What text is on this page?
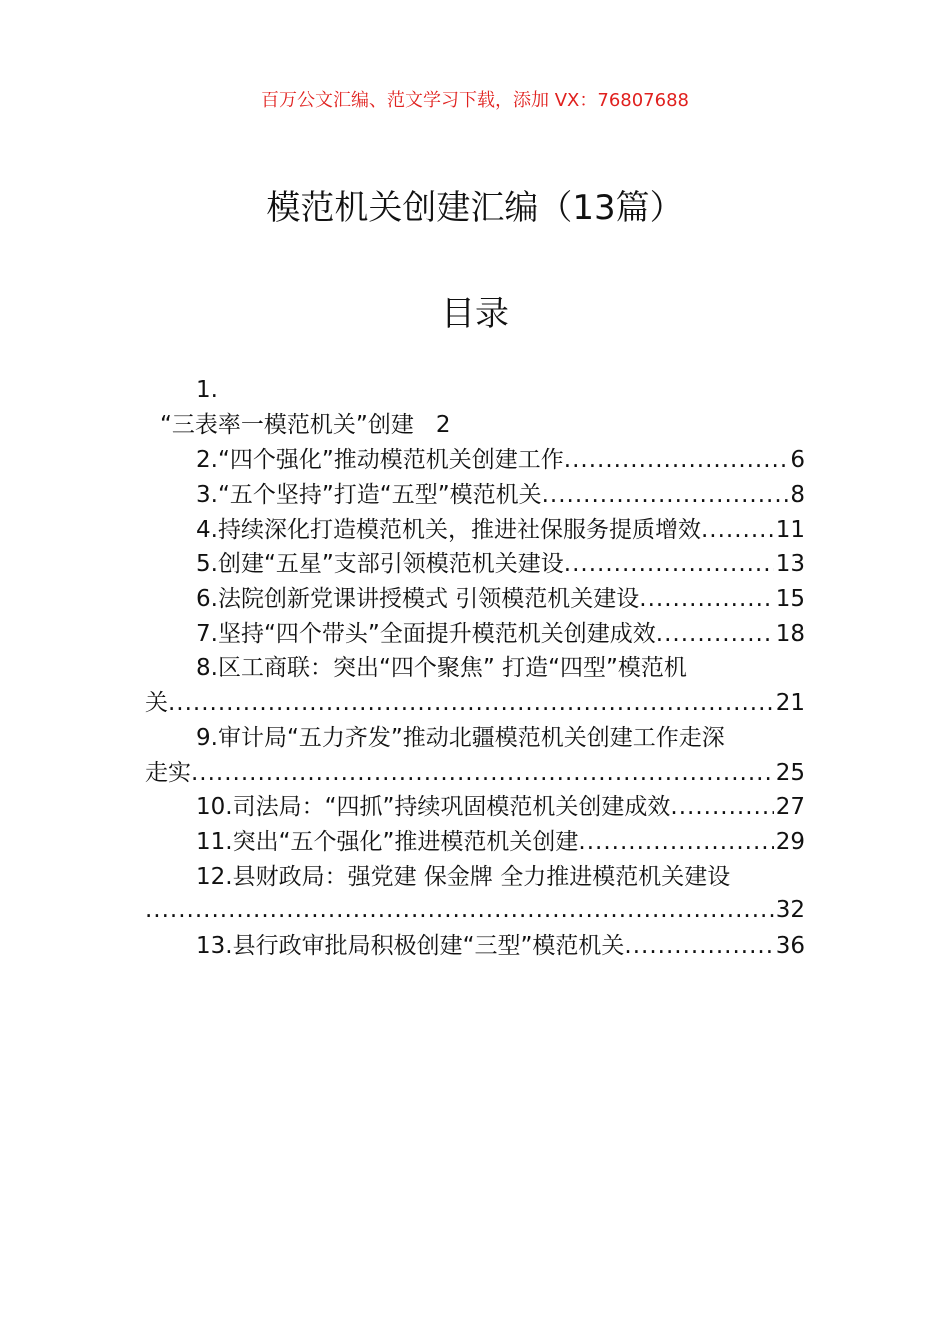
百万公文汇编、范文学习下载，添加 VX：76807688
模范机关创建汇编（13篇）
目录
1.
“三表率一模范机关”创建 2
2.“四个强化”推动模范机关创建工作 .....	6
3.“五个坚持”打造“五型”模范机关 .....	8
4.持续深化打造模范机关，推进社保服务提质增效 .....	11
5.创建“五星”支部引领模范机关建设 .....	13
6.法院创新党课讲授模式 引领模范机关建设 .....	15
7.坚持“四个带头”全面提升模范机关创建成效 .....	18
8.区工商联：突出“四个聚焦” 打造“四型”模范机
关 .....	21
9.审计局“五力齐发”推动北疆模范机关创建工作走深
走实 .....	25
10.司法局：“四抓”持续巩固模范机关创建成效 .....	27
11.突出“五个强化”推进模范机关创建 .....	29
12.县财政局：强党建 保金牌 全力推进模范机关建设
.....
32
13.县行政审批局积极创建“三型”模范机关 .....	36
